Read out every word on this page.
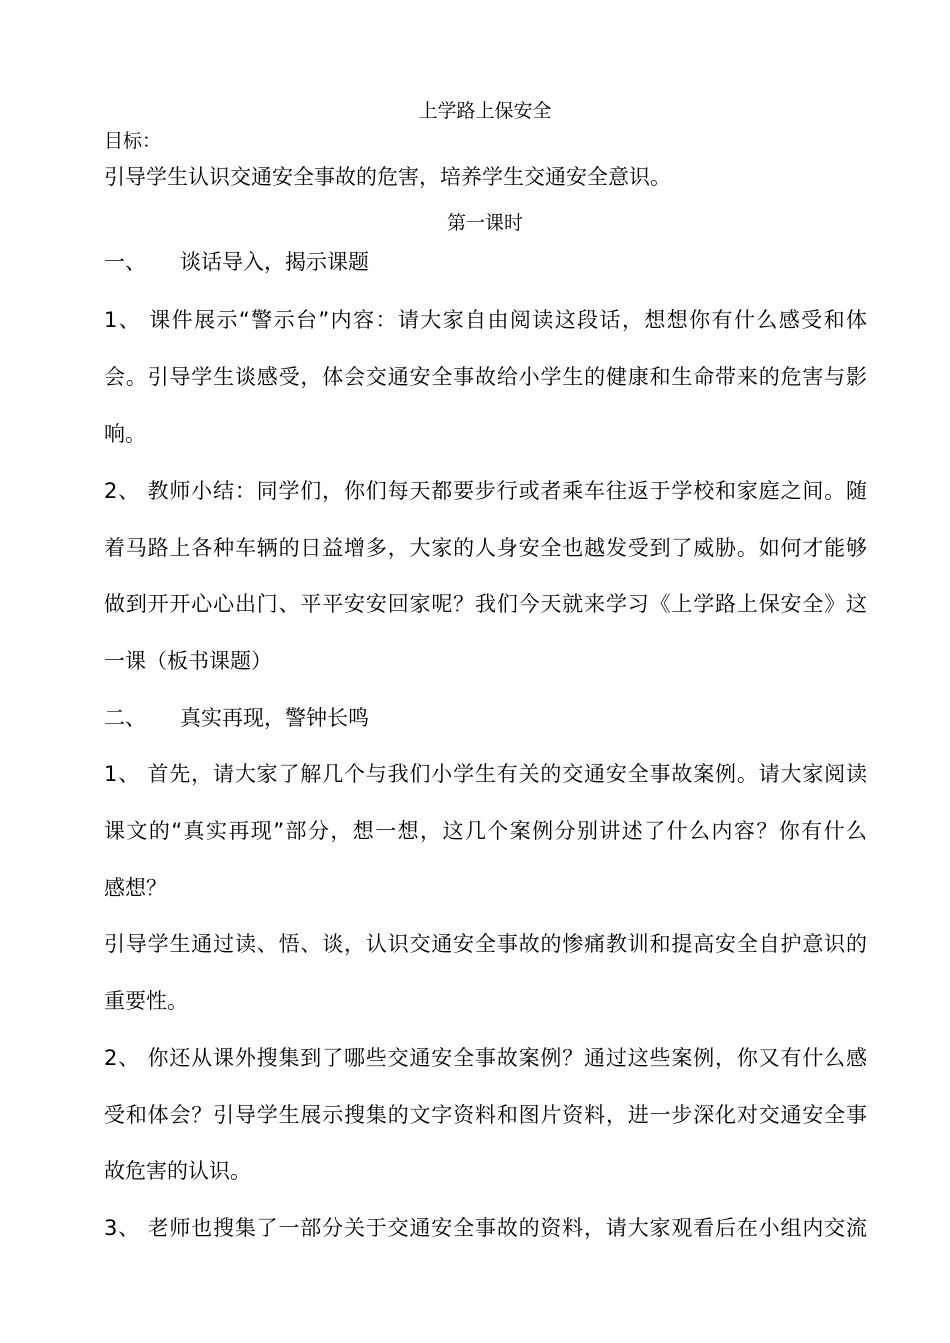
上学路上保安全
目标：
引导学生认识交通安全事故的危害，培养学生交通安全意识。
第一课时
一、 谈话导入，揭示课题
1、 课件展示“警示台”内容：请大家自由阅读这段话，想想你有什么感受和体
会。引导学生谈感受，体会交通安全事故给小学生的健康和生命带来的危害与影
响。
2、 教师小结：同学们，你们每天都要步行或者乘车往返于学校和家庭之间。随
着马路上各种车辆的日益增多，大家的人身安全也越发受到了威胁。如何才能够
做到开开心心出门、平平安安回家呢？我们今天就来学习《上学路上保安全》这
一课（板书课题）
二、 真实再现，警钟长鸣
1、 首先，请大家了解几个与我们小学生有关的交通安全事故案例。请大家阅读
课文的“真实再现”部分，想一想，这几个案例分别讲述了什么内容？你有什么
感想？
引导学生通过读、悟、谈，认识交通安全事故的惨痛教训和提高安全自护意识的
重要性。
2、 你还从课外搜集到了哪些交通安全事故案例？通过这些案例，你又有什么感
受和体会？引导学生展示搜集的文字资料和图片资料，进一步深化对交通安全事
故危害的认识。
3、 老师也搜集了一部分关于交通安全事故的资料，请大家观看后在小组内交流
